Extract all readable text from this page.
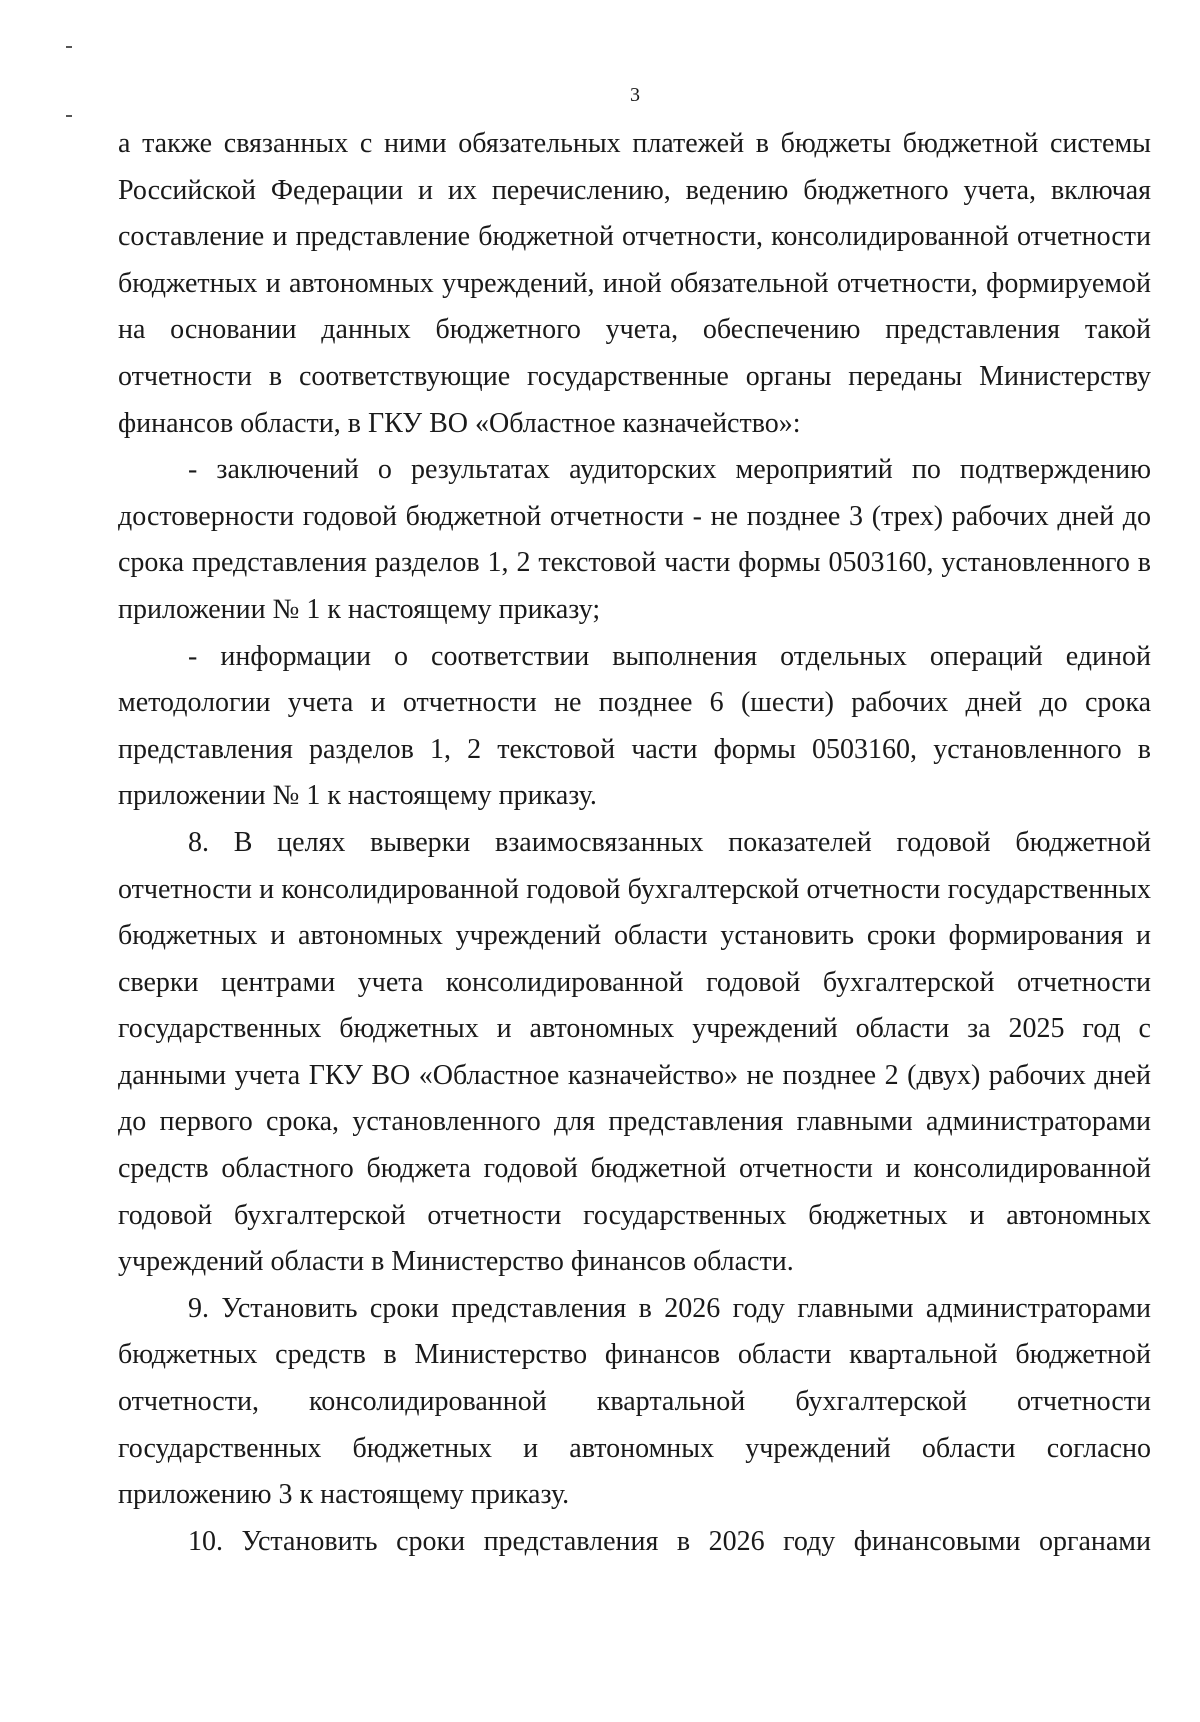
3

а также связанных с ними обязательных платежей в бюджеты бюджетной системы Российской Федерации и их перечислению, ведению бюджетного учета, включая составление и представление бюджетной отчетности, консолидированной отчетности бюджетных и автономных учреждений, иной обязательной отчетности, формируемой на основании данных бюджетного учета, обеспечению представления такой отчетности в соответствующие государственные органы переданы Министерству финансов области, в ГКУ ВО «Областное казначейство»:

- заключений о результатах аудиторских мероприятий по подтверждению достоверности годовой бюджетной отчетности - не позднее 3 (трех) рабочих дней до срока представления разделов 1, 2 текстовой части формы 0503160, установленного в приложении № 1 к настоящему приказу;

- информации о соответствии выполнения отдельных операций единой методологии учета и отчетности не позднее 6 (шести) рабочих дней до срока представления разделов 1, 2 текстовой части формы 0503160, установленного в приложении № 1 к настоящему приказу.

8. В целях выверки взаимосвязанных показателей годовой бюджетной отчетности и консолидированной годовой бухгалтерской отчетности государственных бюджетных и автономных учреждений области установить сроки формирования и сверки центрами учета консолидированной годовой бухгалтерской отчетности государственных бюджетных и автономных учреждений области за 2025 год с данными учета ГКУ ВО «Областное казначейство» не позднее 2 (двух) рабочих дней до первого срока, установленного для представления главными администраторами средств областного бюджета годовой бюджетной отчетности и консолидированной годовой бухгалтерской отчетности государственных бюджетных и автономных учреждений области в Министерство финансов области.

9. Установить сроки представления в 2026 году главными администраторами бюджетных средств в Министерство финансов области квартальной бюджетной отчетности, консолидированной квартальной бухгалтерской отчетности государственных бюджетных и автономных учреждений области согласно приложению 3 к настоящему приказу.

10. Установить сроки представления в 2026 году финансовыми органами
